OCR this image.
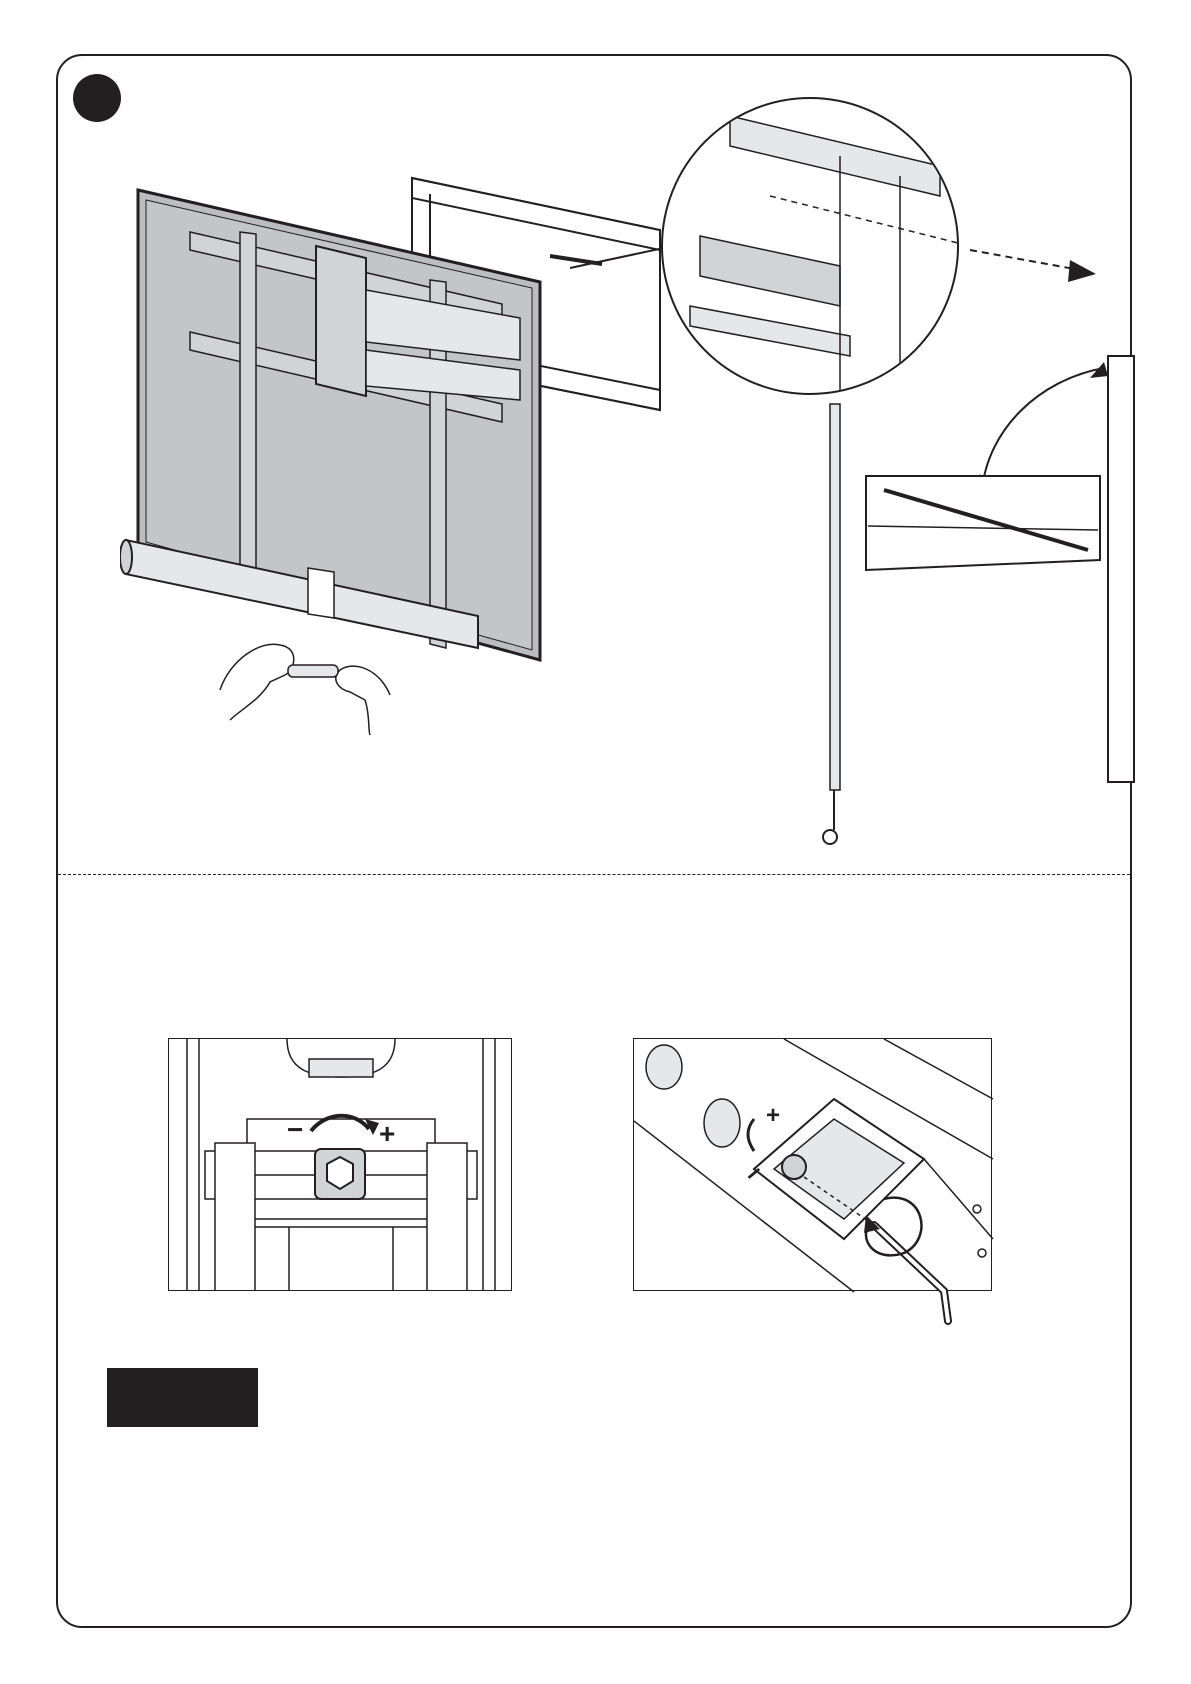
−	+
–
+
